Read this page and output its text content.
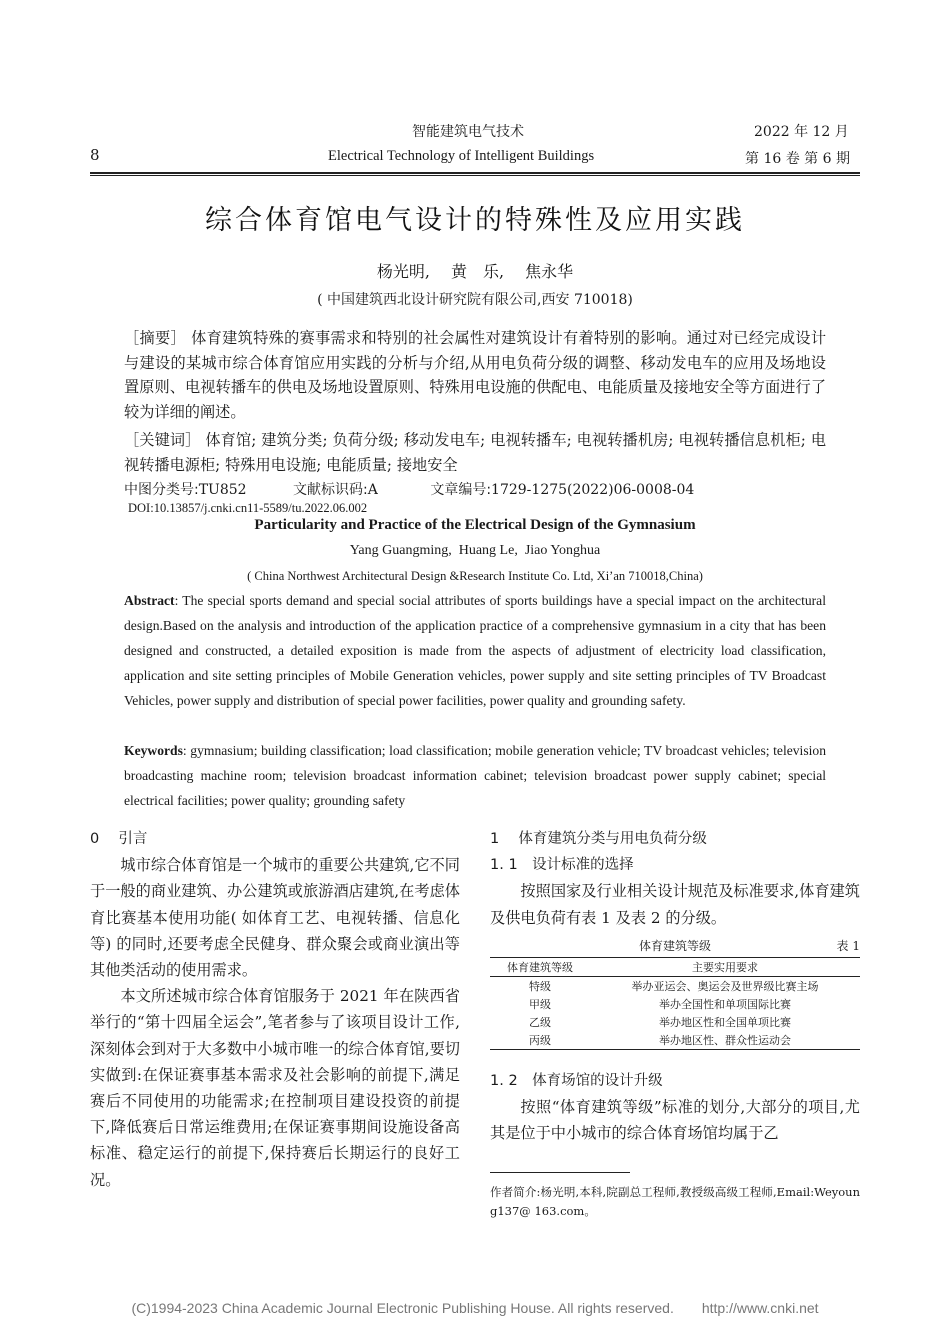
8
智能建筑电气技术
Electrical Technology of Intelligent Buildings
2022 年 12 月
第 16 卷 第 6 期
综合体育馆电气设计的特殊性及应用实践
杨光明,　 黄　乐,　 焦永华
( 中国建筑西北设计研究院有限公司,西安 710018)
［摘要］ 体育建筑特殊的赛事需求和特别的社会属性对建筑设计有着特别的影响。通过对已经完成设计与建设的某城市综合体育馆应用实践的分析与介绍,从用电负荷分级的调整、移动发电车的应用及场地设置原则、电视转播车的供电及场地设置原则、特殊用电设施的供配电、电能质量及接地安全等方面进行了较为详细的阐述。
［关键词］ 体育馆; 建筑分类; 负荷分级; 移动发电车; 电视转播车; 电视转播机房; 电视转播信息机柜; 电视转播电源柜; 特殊用电设施; 电能质量; 接地安全
中图分类号:TU852	文献标识码:A	文章编号:1729-1275(2022)06-0008-04
DOI:10.13857/j.cnki.cn11-5589/tu.2022.06.002
Particularity and Practice of the Electrical Design of the Gymnasium
Yang Guangming,  Huang Le,  Jiao Yonghua
( China Northwest Architectural Design &Research Institute Co. Ltd, Xi’an 710018,China)
Abstract: The special sports demand and special social attributes of sports buildings have a special impact on the architectural design.Based on the analysis and introduction of the application practice of a comprehensive gymnasium in a city that has been designed and constructed, a detailed exposition is made from the aspects of adjustment of electricity load classification, application and site setting principles of Mobile Generation vehicles, power supply and site setting principles of TV Broadcast Vehicles, power supply and distribution of special power facilities, power quality and grounding safety.
Keywords: gymnasium; building classification; load classification; mobile generation vehicle; TV broadcast vehicles; television broadcasting machine room; television broadcast information cabinet; television broadcast power supply cabinet; special electrical facilities; power quality; grounding safety
0　 引言

城市综合体育馆是一个城市的重要公共建筑,它不同于一般的商业建筑、办公建筑或旅游酒店建筑,在考虑体育比赛基本使用功能( 如体育工艺、电视转播、信息化等) 的同时,还要考虑全民健身、群众聚会或商业演出等其他类活动的使用需求。

本文所述城市综合体育馆服务于 2021 年在陕西省举行的“第十四届全运会”,笔者参与了该项目设计工作,深刻体会到对于大多数中小城市唯一的综合体育馆,要切实做到:在保证赛事基本需求及社会影响的前提下,满足赛后不同使用的功能需求;在控制项目建设投资的前提下,降低赛后日常运维费用;在保证赛事期间设施设备高标准、稳定运行的前提下,保持赛后长期运行的良好工况。

1　 体育建筑分类与用电负荷分级
1. 1　设计标准的选择

按照国家及行业相关设计规范及标准要求,体育建筑及供电负荷有表 1 及表 2 的分级。

体育建筑等级	表 1
体育建筑等级	主要实用要求
特级	举办亚运会、奥运会及世界级比赛主场
甲级	举办全国性和单项国际比赛
乙级	举办地区性和全国单项比赛
丙级	举办地区性、群众性运动会
1. 2　体育场馆的设计升级

按照“体育建筑等级”标准的划分,大部分的项目,尤其是位于中小城市的综合体育场馆均属于乙

作者简介:杨光明,本科,院副总工程师,教授级高级工程师,Email:Weyoung137@ 163.com。
(C)1994-2023 China Academic Journal Electronic Publishing House. All rights reserved.　　http://www.cnki.net
